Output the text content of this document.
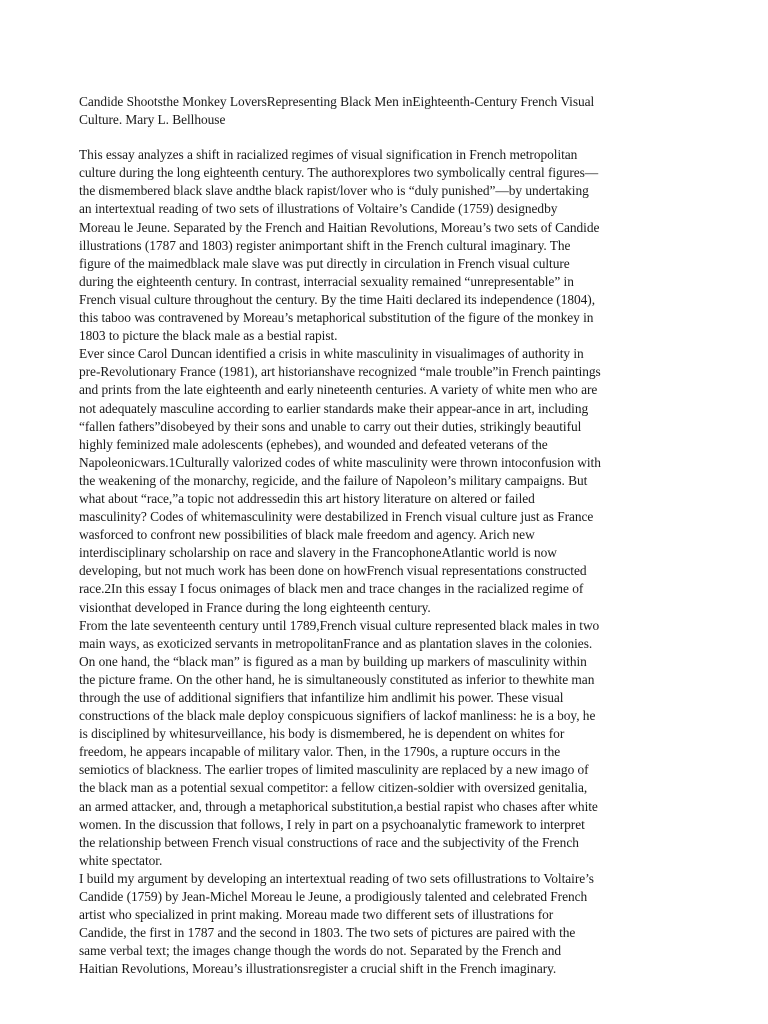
Candide Shootsthe Monkey LoversRepresenting Black Men inEighteenth-Century French Visual
Culture. Mary L. Bellhouse
This essay analyzes a shift in racialized regimes of visual signification in French metropolitan
culture during the long eighteenth century. The authorexplores two symbolically central figures—
the dismembered black slave andthe black rapist/lover who is “duly punished”—by undertaking
an intertextual reading of two sets of illustrations of Voltaire’s Candide (1759) designedby
Moreau le Jeune. Separated by the French and Haitian Revolutions, Moreau’s two sets of Candide
illustrations (1787 and 1803) register animportant shift in the French cultural imaginary. The
figure of the maimedblack male slave was put directly in circulation in French visual culture
during the eighteenth century. In contrast, interracial sexuality remained “unrepresentable” in
French visual culture throughout the century. By the time Haiti declared its independence (1804),
this taboo was contravened by Moreau’s metaphorical substitution of the figure of the monkey in
1803 to picture the black male as a bestial rapist.
Ever since Carol Duncan identified a crisis in white masculinity in visualimages of authority in
pre-Revolutionary France (1981), art historianshave recognized “male trouble”in French paintings
and prints from the late eighteenth and early nineteenth centuries. A variety of white men who are
not adequately masculine according to earlier standards make their appear-ance in art, including
“fallen fathers”disobeyed by their sons and unable to carry out their duties, strikingly beautiful
highly feminized male adolescents (ephebes), and wounded and defeated veterans of the
Napoleonicwars.1Culturally valorized codes of white masculinity were thrown intoconfusion with
the weakening of the monarchy, regicide, and the failure of Napoleon’s military campaigns. But
what about “race,”a topic not addressedin this art history literature on altered or failed
masculinity? Codes of whitemasculinity were destabilized in French visual culture just as France
wasforced to confront new possibilities of black male freedom and agency. Arich new
interdisciplinary scholarship on race and slavery in the FrancophoneAtlantic world is now
developing, but not much work has been done on howFrench visual representations constructed
race.2In this essay I focus onimages of black men and trace changes in the racialized regime of
visionthat developed in France during the long eighteenth century.
From the late seventeenth century until 1789,French visual culture represented black males in two
main ways, as exoticized servants in metropolitanFrance and as plantation slaves in the colonies.
On one hand, the “black man” is figured as a man by building up markers of masculinity within
the picture frame. On the other hand, he is simultaneously constituted as inferior to thewhite man
through the use of additional signifiers that infantilize him andlimit his power. These visual
constructions of the black male deploy conspicuous signifiers of lackof manliness: he is a boy, he
is disciplined by whitesurveillance, his body is dismembered, he is dependent on whites for
freedom, he appears incapable of military valor. Then, in the 1790s, a rupture occurs in the
semiotics of blackness. The earlier tropes of limited masculinity are replaced by a new imago of
the black man as a potential sexual competitor: a fellow citizen-soldier with oversized genitalia,
an armed attacker, and, through a metaphorical substitution,a bestial rapist who chases after white
women. In the discussion that follows, I rely in part on a psychoanalytic framework to interpret
the relationship between French visual constructions of race and the subjectivity of the French
white spectator.
I build my argument by developing an intertextual reading of two sets ofillustrations to Voltaire’s
Candide (1759) by Jean-Michel Moreau le Jeune, a prodigiously talented and celebrated French
artist who specialized in print making. Moreau made two different sets of illustrations for
Candide, the first in 1787 and the second in 1803. The two sets of pictures are paired with the
same verbal text; the images change though the words do not. Separated by the French and
Haitian Revolutions, Moreau’s illustrationsregister a crucial shift in the French imaginary.
